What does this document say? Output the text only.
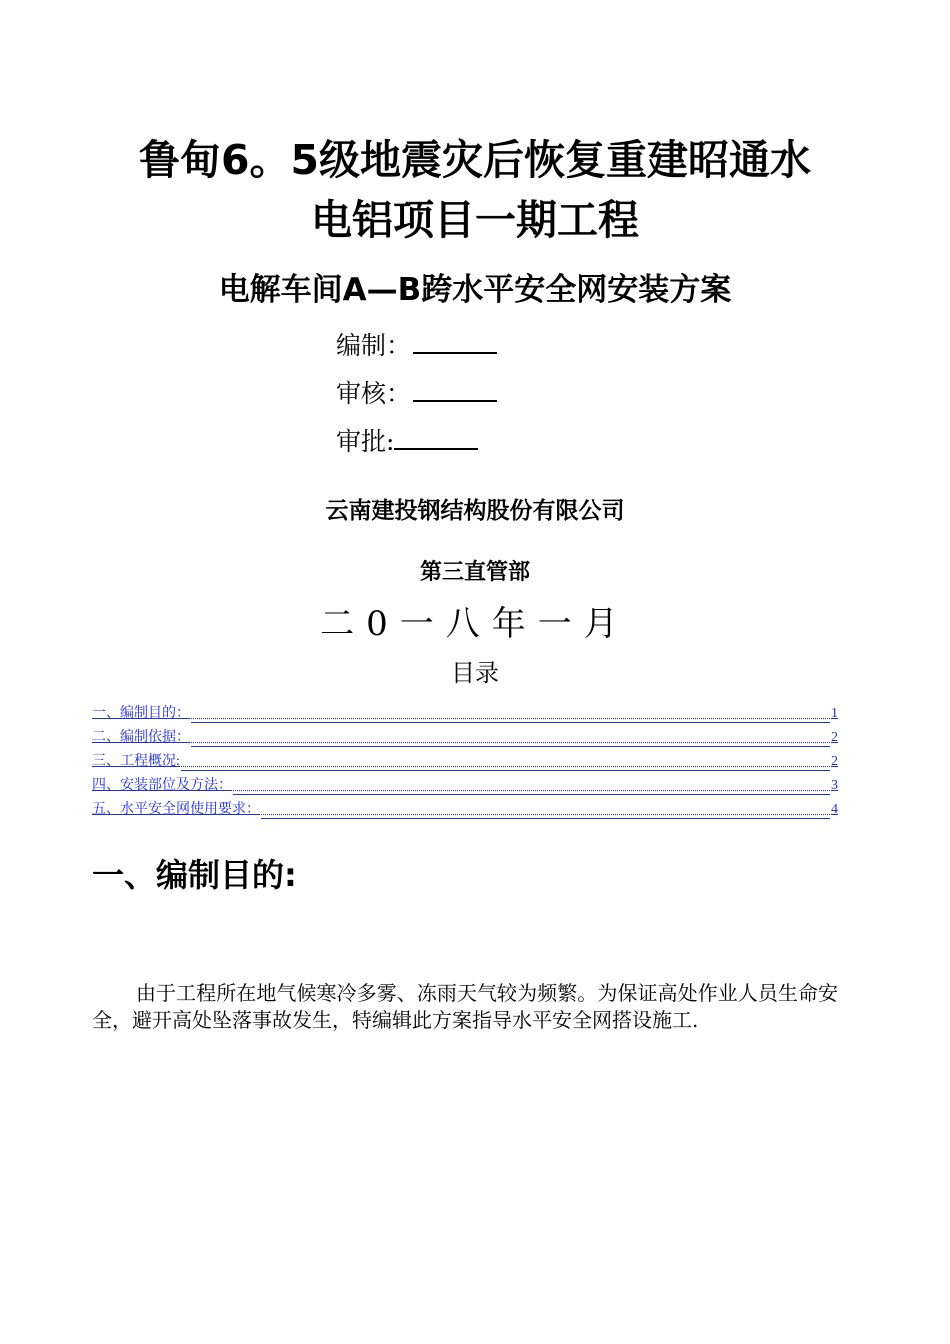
鲁甸6。5级地震灾后恢复重建昭通水
电铝项目一期工程
电解车间A—B跨水平安全网安装方案
编制：
审核：
审批:
云南建投钢结构股份有限公司
第三直管部
二0一八年一月
目录
一、编制目的：	1
二、编制依据：	2
三、工程概况:	2
四、安装部位及方法：	3
五、水平安全网使用要求：	4
一、编制目的:
由于工程所在地气候寒冷多雾、冻雨天气较为频繁。为保证高处作业人员生命安全，避开高处坠落事故发生，特编辑此方案指导水平安全网搭设施工.
